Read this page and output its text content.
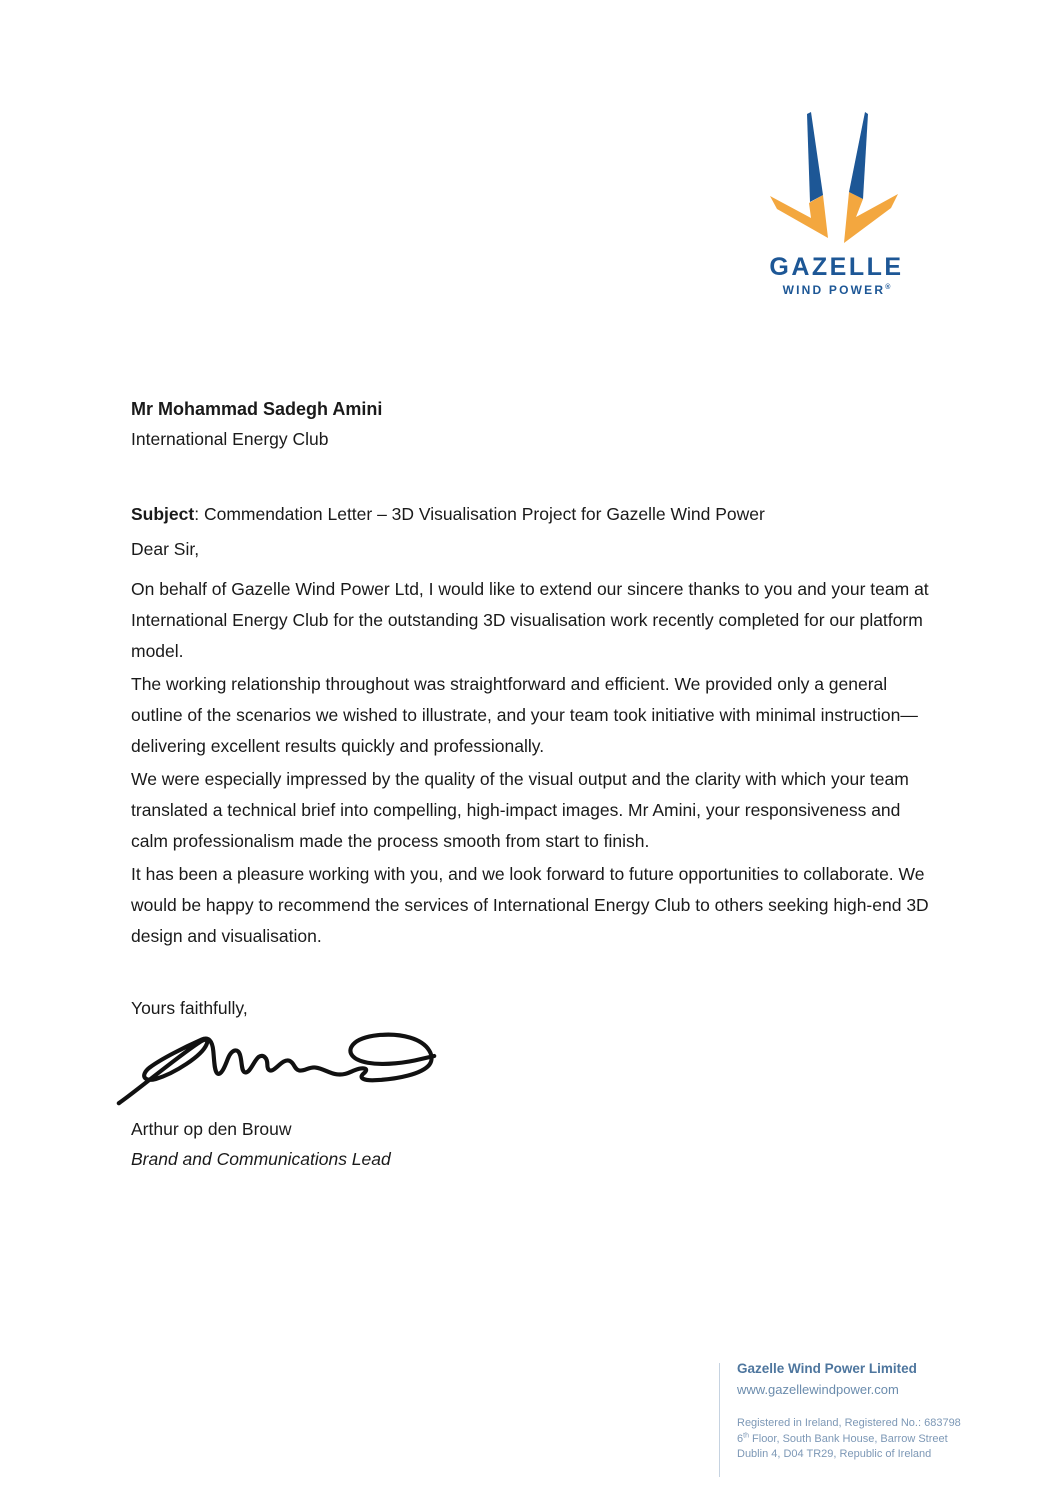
GAZELLE
WIND POWER®
Mr Mohammad Sadegh Amini
International Energy Club

Subject: Commendation Letter – 3D Visualisation Project for Gazelle Wind Power

Dear Sir,

On behalf of Gazelle Wind Power Ltd, I would like to extend our sincere thanks to you and your team at International Energy Club for the outstanding 3D visualisation work recently completed for our platform model.

The working relationship throughout was straightforward and efficient. We provided only a general outline of the scenarios we wished to illustrate, and your team took initiative with minimal instruction—delivering excellent results quickly and professionally.

We were especially impressed by the quality of the visual output and the clarity with which your team translated a technical brief into compelling, high-impact images. Mr Amini, your responsiveness and calm professionalism made the process smooth from start to finish.

It has been a pleasure working with you, and we look forward to future opportunities to collaborate. We would be happy to recommend the services of International Energy Club to others seeking high-end 3D design and visualisation.

Yours faithfully,

Arthur op den Brouw
Brand and Communications Lead
Gazelle Wind Power Limited
www.gazellewindpower.com
Registered in Ireland, Registered No.: 683798
6th Floor, South Bank House, Barrow Street
Dublin 4, D04 TR29, Republic of Ireland
